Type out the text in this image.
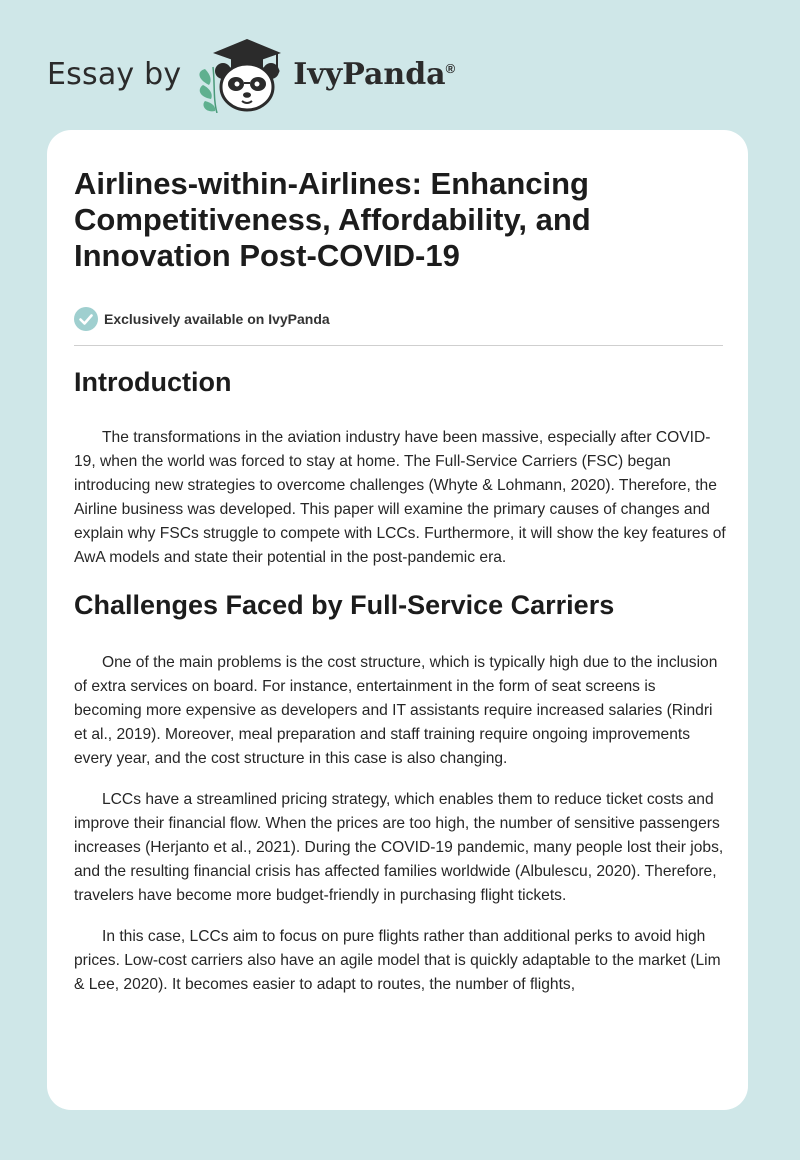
Essay by	IvyPanda®
Airlines-within-Airlines: Enhancing Competitiveness, Affordability, and Innovation Post-COVID-19
Exclusively available on IvyPanda
Introduction

The transformations in the aviation industry have been massive, especially after COVID-19, when the world was forced to stay at home. The Full-Service Carriers (FSC) began introducing new strategies to overcome challenges (Whyte & Lohmann, 2020). Therefore, the Airline business was developed. This paper will examine the primary causes of changes and explain why FSCs struggle to compete with LCCs. Furthermore, it will show the key features of AwA models and state their potential in the post-pandemic era.

Challenges Faced by Full-Service Carriers

One of the main problems is the cost structure, which is typically high due to the inclusion of extra services on board. For instance, entertainment in the form of seat screens is becoming more expensive as developers and IT assistants require increased salaries (Rindri et al., 2019). Moreover, meal preparation and staff training require ongoing improvements every year, and the cost structure in this case is also changing.

LCCs have a streamlined pricing strategy, which enables them to reduce ticket costs and improve their financial flow. When the prices are too high, the number of sensitive passengers increases (Herjanto et al., 2021). During the COVID-19 pandemic, many people lost their jobs, and the resulting financial crisis has affected families worldwide (Albulescu, 2020). Therefore, travelers have become more budget-friendly in purchasing flight tickets.

In this case, LCCs aim to focus on pure flights rather than additional perks to avoid high prices. Low-cost carriers also have an agile model that is quickly adaptable to the market (Lim & Lee, 2020). It becomes easier to adapt to routes, the number of flights,
